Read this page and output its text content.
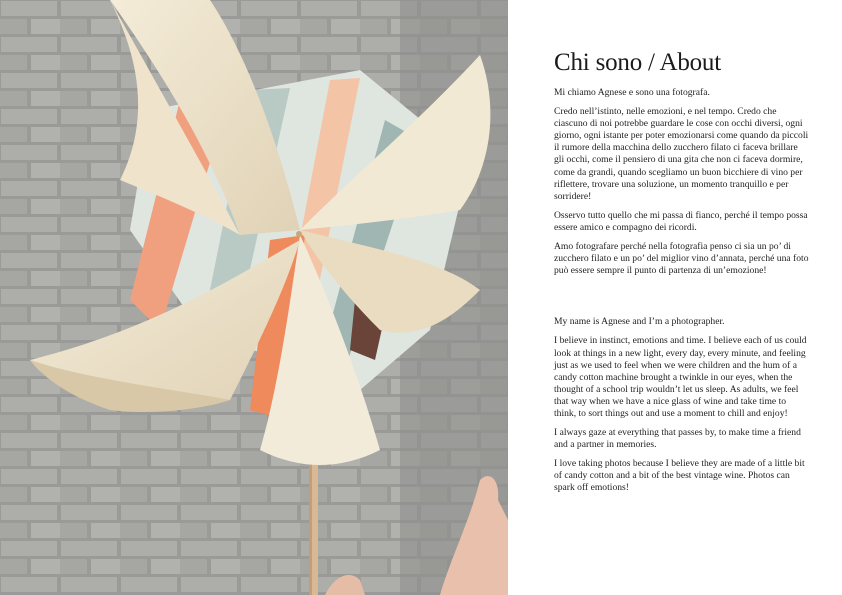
Chi sono / About

Mi chiamo Agnese e sono una fotografa.

Credo nell’istinto, nelle emozioni, e nel tempo. Credo che ciascuno di noi potrebbe guardare le cose con occhi diversi, ogni giorno, ogni istante per poter emozionarsi come quando da piccoli il rumore della macchina dello zucchero filato ci faceva brillare gli occhi, come il pensiero di una gita che non ci faceva dormire, come da grandi, quando scegliamo un buon bicchiere di vino per riflettere, trovare una soluzione, un momento tranquillo e per sorridere!

Osservo tutto quello che mi passa di fianco, perché il tempo possa essere amico e compagno dei ricordi.

Amo fotografare perché nella fotografia penso ci sia un po’ di zucchero filato e un po’ del miglior vino d’annata, perché una foto può essere sempre il punto di partenza di un’emozione!

My name is Agnese and I’m a photographer.

I believe in instinct, emotions and time. I believe each of us could look at things in a new light, every day, every minute, and feeling just as we used to feel when we were children and the hum of a candy cotton machine brought a twinkle in our eyes, when the thought of a school trip wouldn’t let us sleep. As adults, we feel that way when we have a nice glass of wine and take time to think, to sort things out and use a moment to chill and enjoy!

I always gaze at everything that passes by, to make time a friend and a partner in memories.

I love taking photos because I believe they are made of a little bit of candy cotton and a bit of the best vintage wine. Photos can spark off emotions!
